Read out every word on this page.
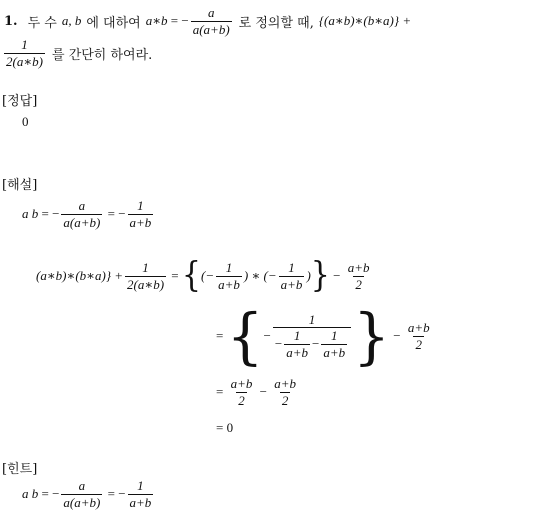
1. 두 수 a, b 에 대하여 a∗b = − $\frac{a}{a(a+b)}$ 로 정의할 때, {(a∗b)∗(b∗a)} +
$\frac{1}{2(a∗b)}$ 를 간단히 하여라.
[정답]
0
[해설]
a b = − $\frac{a}{a(a+b)}$ = − $\frac{1}{a+b}$
(a∗b)∗(b∗a)} + $\frac{1}{2(a∗b)}$ = { (− $\frac{1}{a+b}$ ) ∗ (− $\frac{1}{a+b}$ ) } − $\frac{a+b}{2}$
= { − $\frac{1}{- \frac{1}{a+b} - \frac{1}{a+b}}$ } − $\frac{a+b}{2}$
= $\frac{a+b}{2} - \frac{a+b}{2}$
= 0
[힌트]
a b = − $\frac{a}{a(a+b)}$ = − $\frac{1}{a+b}$
